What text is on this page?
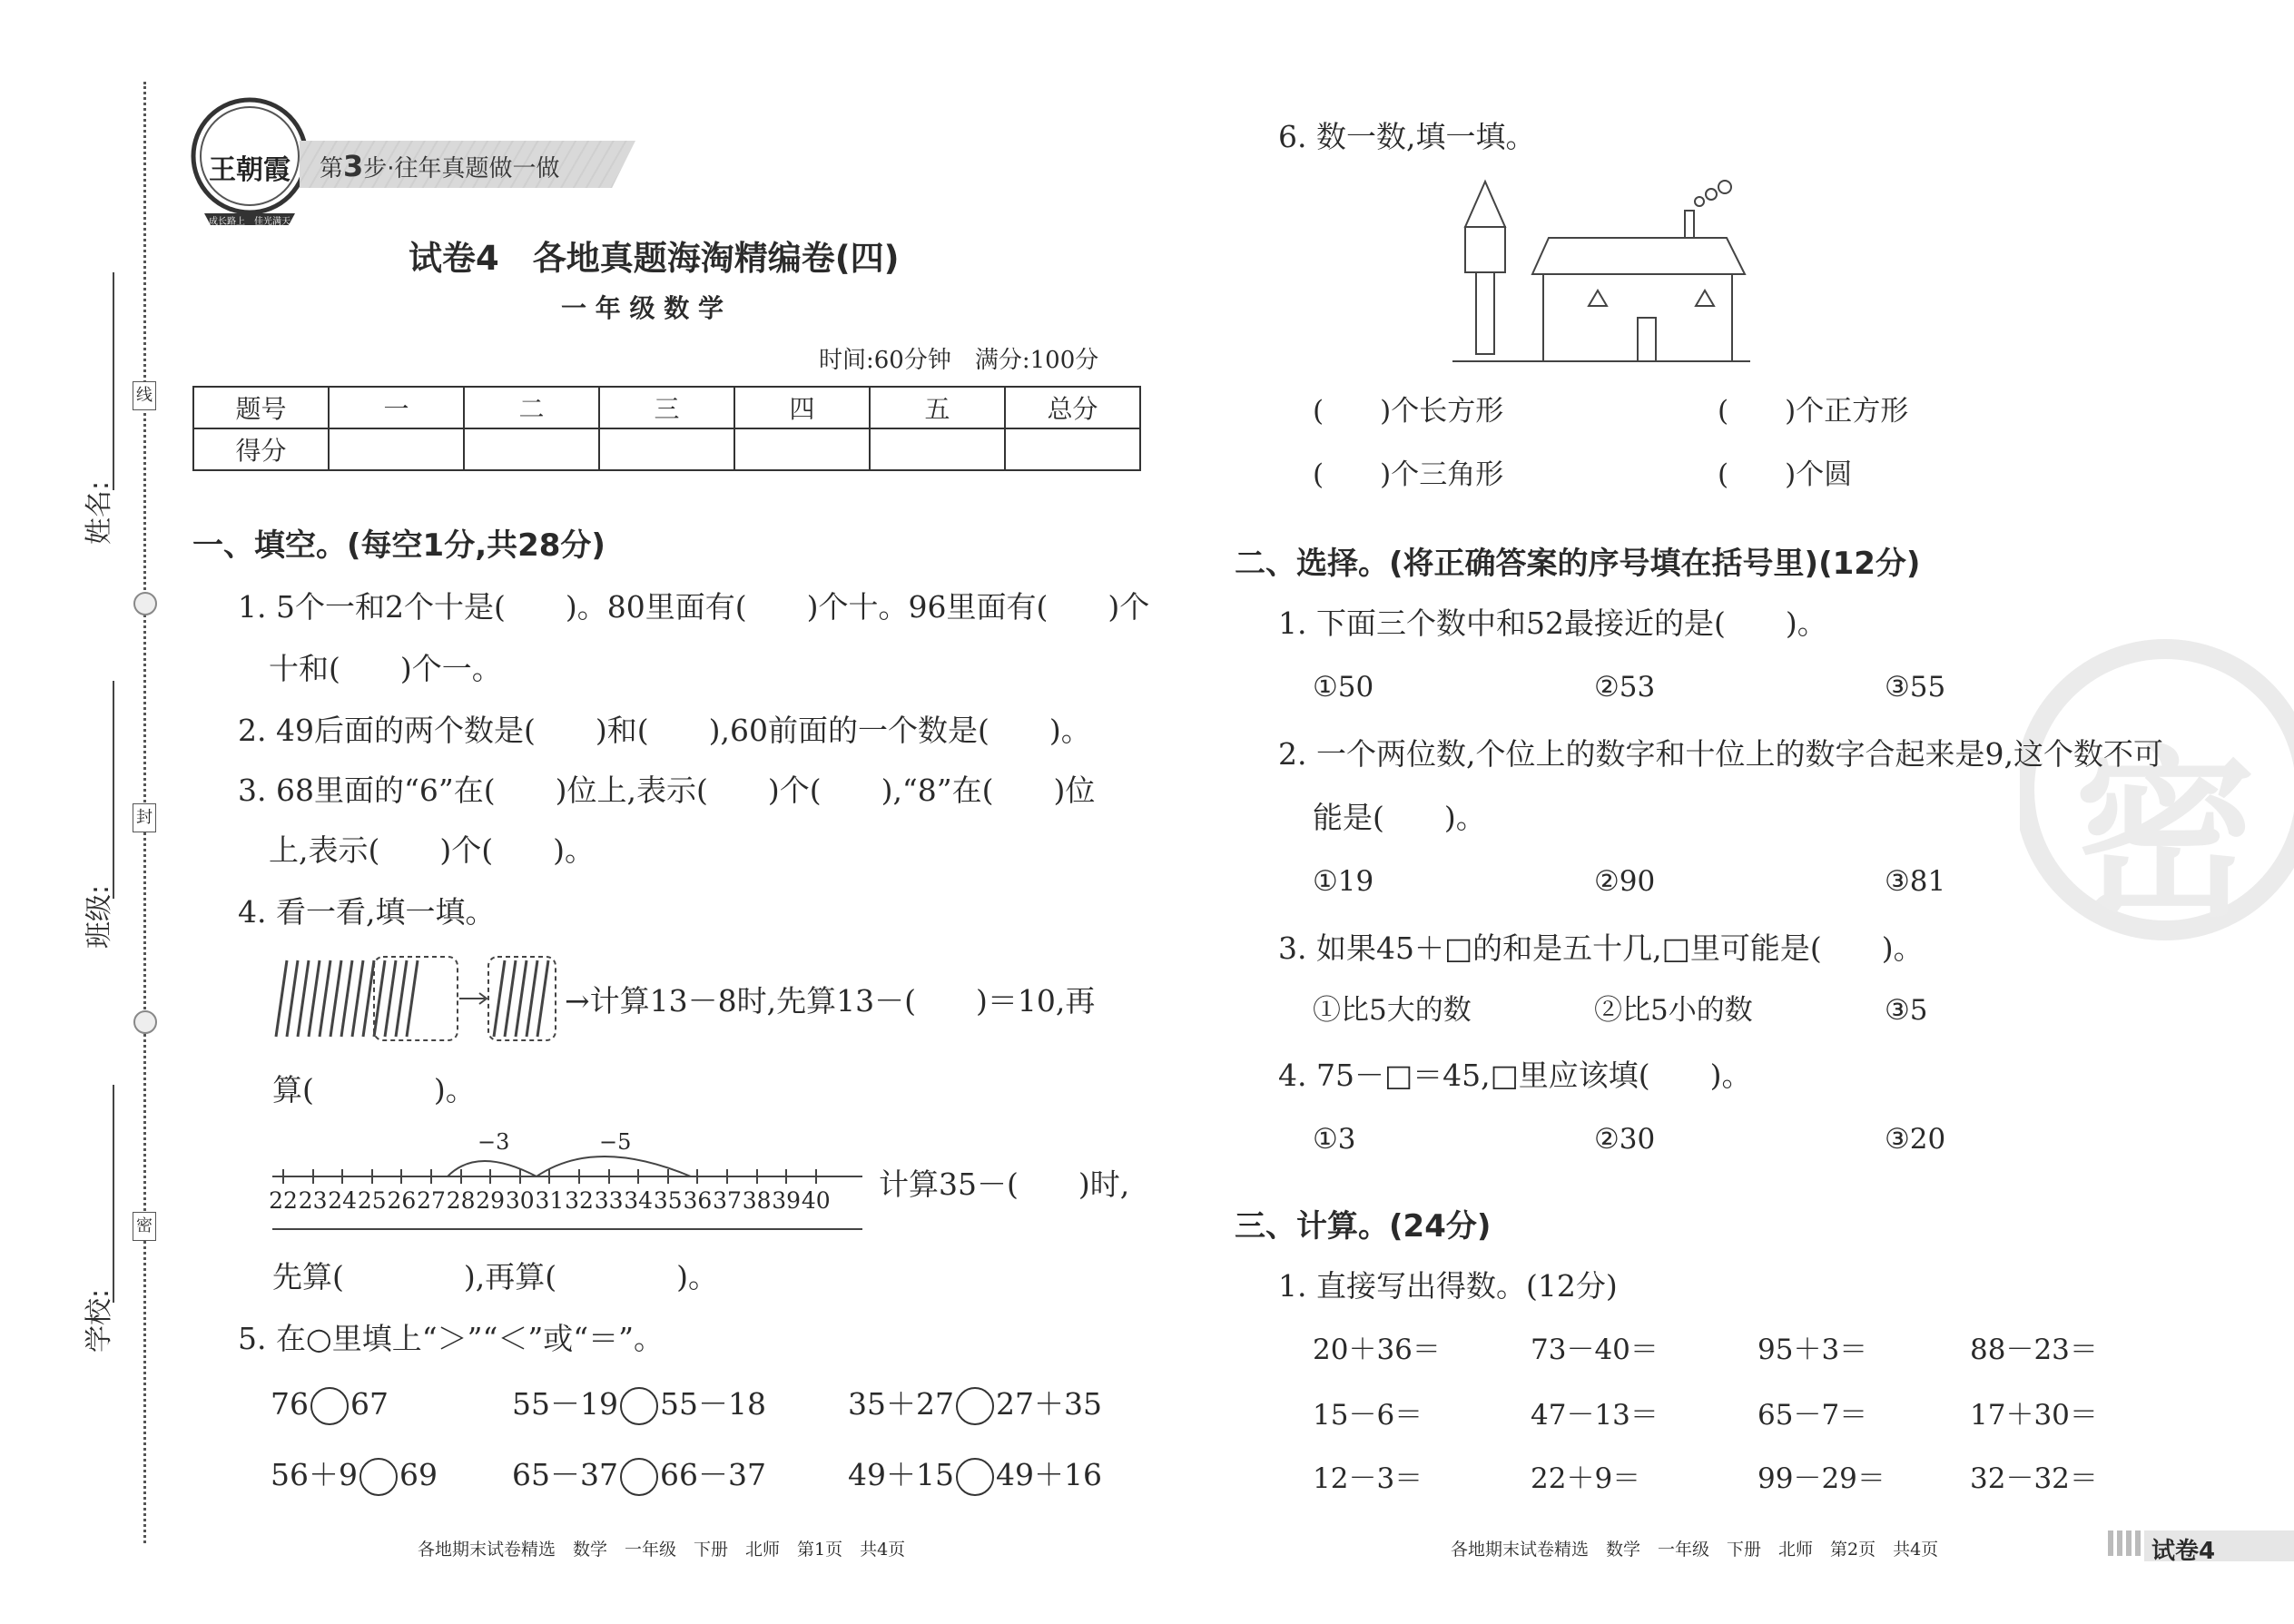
姓名:
班级:
学校:
线
封
密
王朝霞
成长路上　佳光满天
第3步·往年真题做一做
试卷4　各地真题海淘精编卷(四)
一 年 级 数 学
时间:60分钟　满分:100分
题号	一	二	三	四	五	总分
得分						
一、填空。(每空1分,共28分)
1. 5个一和2个十是(　　)。80里面有(　　)个十。96里面有(　　)个
十和(　　)个一。
2. 49后面的两个数是(　　)和(　　),60前面的一个数是(　　)。
3. 68里面的“6”在(　　)位上,表示(　　)个(　　),“8”在(　　)位
上,表示(　　)个(　　)。
4. 看一看,填一填。
→计算13－8时,先算13－(　　)＝10,再
算(　　　　)。
22 23 24 25 26 27 28 29 30 31 32 33 34 35 36 37 38 39 40
−3	−5
计算35－(　　)时,
先算(　　　　),再算(　　　　)。
5. 在○里填上“＞”“＜”或“＝”。
76 67	55－19 55－18	35＋27 27＋35
56＋9 69 65－37 66－37	49＋15 49＋16
各地期末试卷精选　数学　一年级　下册　北师　第1页　共4页
密
6. 数一数,填一填。
(　　)个长方形	(　　)个正方形
(　　)个三角形	(　　)个圆
二、选择。(将正确答案的序号填在括号里)(12分)
1. 下面三个数中和52最接近的是(　　)。
①50	②53	③55
2. 一个两位数,个位上的数字和十位上的数字合起来是9,这个数不可
能是(　　)。
①19	②90	③81
3. 如果45＋□的和是五十几,□里可能是(　　)。
①比5大的数	②比5小的数	③5
4. 75－□＝45,□里应该填(　　)。
①3	②30	③20
三、计算。(24分)
1. 直接写出得数。(12分)
20＋36＝	73－40＝	95＋3＝	88－23＝
15－6＝	47－13＝	65－7＝	17＋30＝
12－3＝	22＋9＝	99－29＝	32－32＝
各地期末试卷精选　数学　一年级　下册　北师　第2页　共4页	试卷4
